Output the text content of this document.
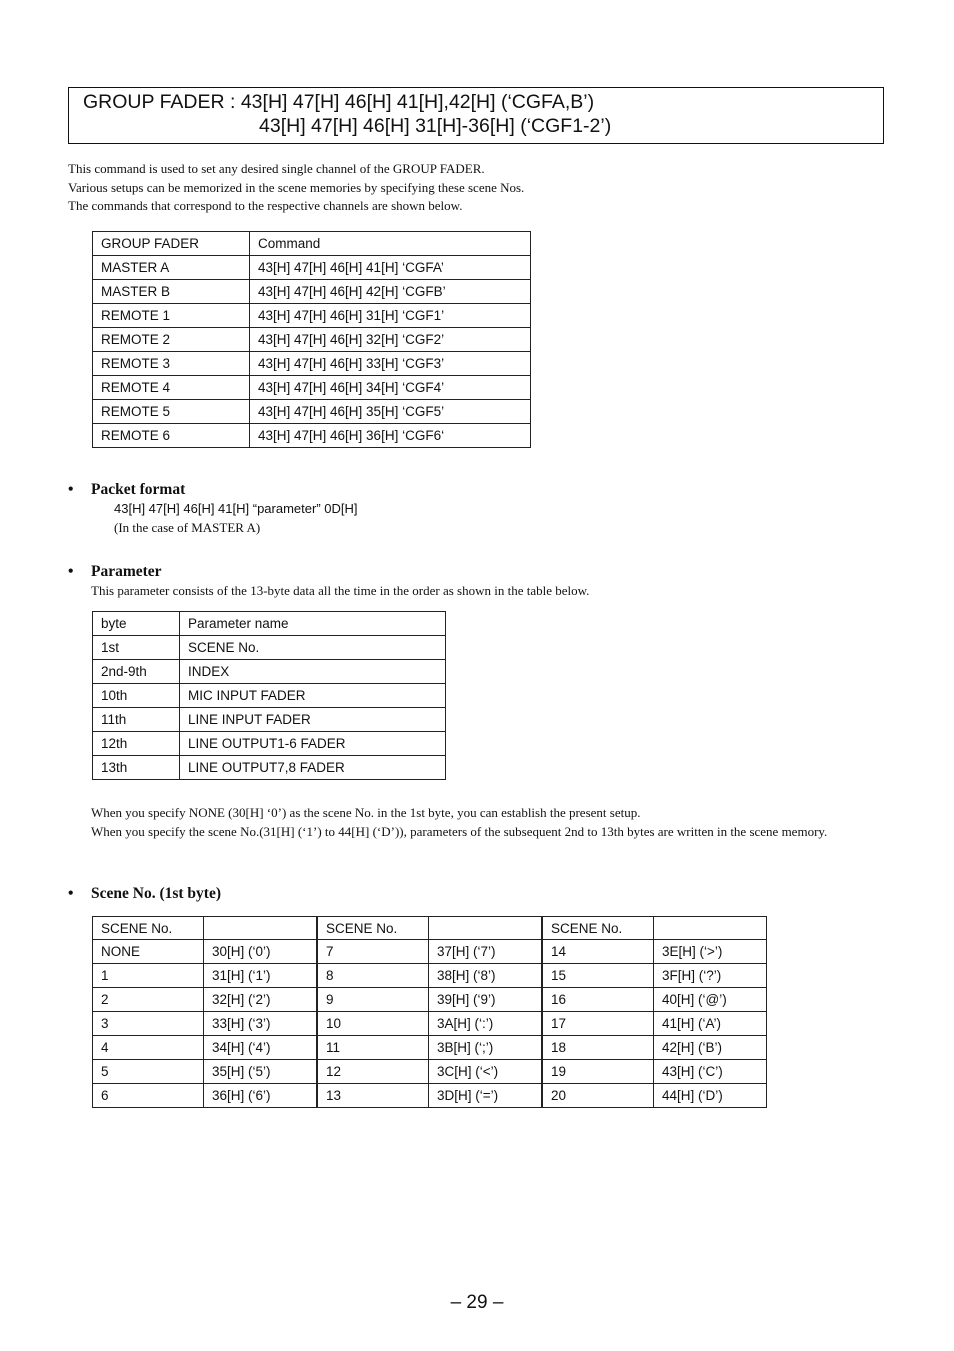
GROUP FADER : 43[H] 47[H] 46[H] 41[H],42[H] (‘CGFA,B’)
43[H] 47[H] 46[H] 31[H]-36[H] (‘CGF1-2’)
This command is used to set any desired single channel of the GROUP FADER.
Various setups can be memorized in the scene memories by specifying these scene Nos.
The commands that correspond to the respective channels are shown below.
GROUP FADER	Command
MASTER A	43[H] 47[H] 46[H] 41[H] ‘CGFA’
MASTER B	43[H] 47[H] 46[H] 42[H] ‘CGFB’
REMOTE 1	43[H] 47[H] 46[H] 31[H] ‘CGF1’
REMOTE 2	43[H] 47[H] 46[H] 32[H] ‘CGF2’
REMOTE 3	43[H] 47[H] 46[H] 33[H] ‘CGF3’
REMOTE 4	43[H] 47[H] 46[H] 34[H] ‘CGF4’
REMOTE 5	43[H] 47[H] 46[H] 35[H] ‘CGF5’
REMOTE 6	43[H] 47[H] 46[H] 36[H] ‘CGF6‘
• Packet format
43[H] 47[H] 46[H] 41[H] “parameter” 0D[H]
(In the case of MASTER A)
• Parameter
This parameter consists of the 13-byte data all the time in the order as shown in the table below.
byte	Parameter name
1st	SCENE No.
2nd-9th	INDEX
10th	MIC INPUT FADER
11th	LINE INPUT FADER
12th	LINE OUTPUT1-6 FADER
13th	LINE OUTPUT7,8 FADER
When you specify NONE (30[H] ‘0’) as the scene No. in the 1st byte, you can establish the present setup.
When you specify the scene No.(31[H] (‘1’) to 44[H] (‘D’)), parameters of the subsequent 2nd to 13th bytes are written in the scene memory.
• Scene No. (1st byte)
SCENE No.		SCENE No.		SCENE No.	
NONE	30[H] (‘0’)	7	37[H] (‘7’)	14	3E[H] (‘>’)
1	31[H] (‘1’)	8	38[H] (‘8’)	15	3F[H] (‘?’)
2	32[H] (‘2’)	9	39[H] (‘9’)	16	40[H] (‘@’)
3	33[H] (‘3’)	10	3A[H] (‘:’)	17	41[H] (‘A’)
4	34[H] (‘4’)	11	3B[H] (‘;’)	18	42[H] (‘B’)
5	35[H] (‘5’)	12	3C[H] (‘<’)	19	43[H] (‘C’)
6	36[H] (‘6’)	13	3D[H] (‘=’)	20	44[H] (‘D’)
– 29 –
